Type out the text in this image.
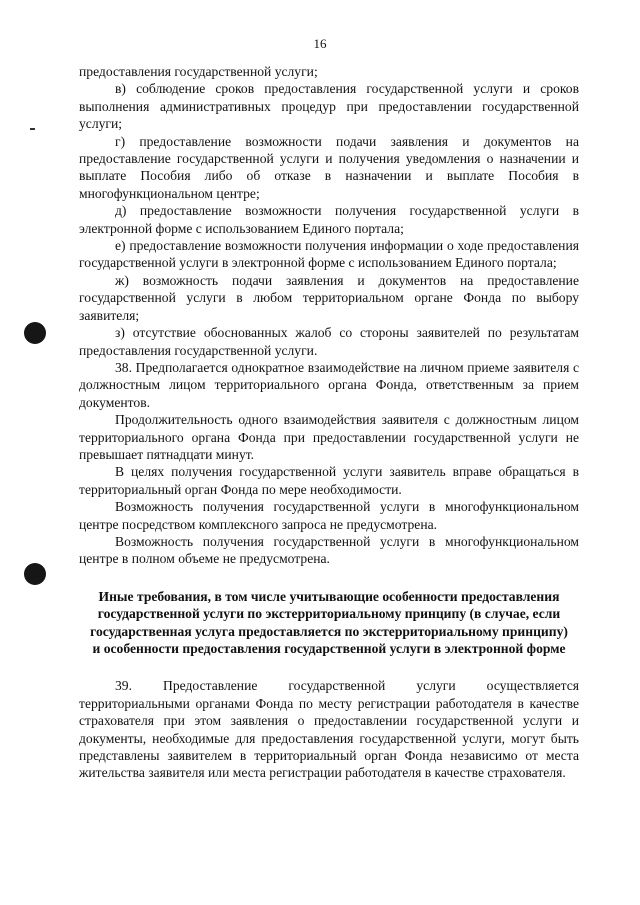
16

предоставления государственной услуги;

в) соблюдение сроков предоставления государственной услуги и сроков выполнения административных процедур при предоставлении государственной услуги;

г) предоставление возможности подачи заявления и документов на предоставление государственной услуги и получения уведомления о назначении и выплате Пособия либо об отказе в назначении и выплате Пособия в многофункциональном центре;

д) предоставление возможности получения государственной услуги в электронной форме с использованием Единого портала;

е) предоставление возможности получения информации о ходе предоставления государственной услуги в электронной форме с использованием Единого портала;

ж) возможность подачи заявления и документов на предоставление государственной услуги в любом территориальном органе Фонда по выбору заявителя;

з) отсутствие обоснованных жалоб со стороны заявителей по результатам предоставления государственной услуги.

38. Предполагается однократное взаимодействие на личном приеме заявителя с должностным лицом территориального органа Фонда, ответственным за прием документов.

Продолжительность одного взаимодействия заявителя с должностным лицом территориального органа Фонда при предоставлении государственной услуги не превышает пятнадцати минут.

В целях получения государственной услуги заявитель вправе обращаться в территориальный орган Фонда по мере необходимости.

Возможность получения государственной услуги в многофункциональном центре посредством комплексного запроса не предусмотрена.

Возможность получения государственной услуги в многофункциональном центре в полном объеме не предусмотрена.

Иные требования, в том числе учитывающие особенности предоставления государственной услуги по экстерриториальному принципу (в случае, если государственная услуга предоставляется по экстерриториальному принципу) и особенности предоставления государственной услуги в электронной форме

39. Предоставление государственной услуги осуществляется территориальными органами Фонда по месту регистрации работодателя в качестве страхователя при этом заявления о предоставлении государственной услуги и документы, необходимые для предоставления государственной услуги, могут быть представлены заявителем в территориальный орган Фонда независимо от места жительства заявителя или места регистрации работодателя в качестве страхователя.
